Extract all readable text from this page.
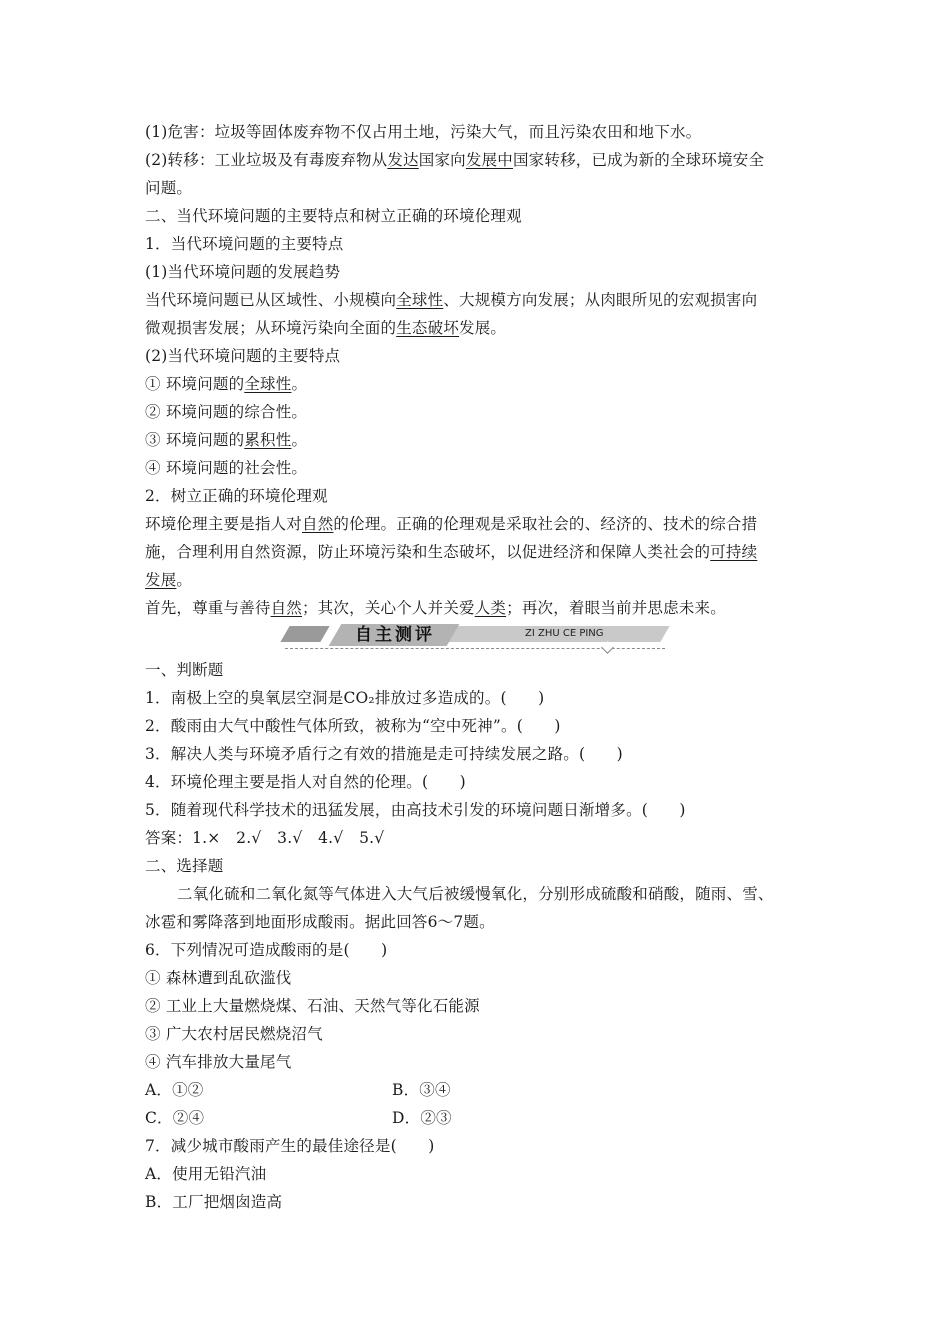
(1)危害：垃圾等固体废弃物不仅占用土地，污染大气，而且污染农田和地下水。
(2)转移：工业垃圾及有毒废弃物从发达国家向发展中国家转移，已成为新的全球环境安全
问题。
二、当代环境问题的主要特点和树立正确的环境伦理观
1．当代环境问题的主要特点
(1)当代环境问题的发展趋势
当代环境问题已从区域性、小规模向全球性、大规模方向发展；从肉眼所见的宏观损害向
微观损害发展；从环境污染向全面的生态破坏发展。
(2)当代环境问题的主要特点
① 环境问题的全球性。
② 环境问题的综合性。
③ 环境问题的累积性。
④ 环境问题的社会性。
2．树立正确的环境伦理观
环境伦理主要是指人对自然的伦理。正确的伦理观是采取社会的、经济的、技术的综合措
施，合理利用自然资源，防止环境污染和生态破坏，以促进经济和保障人类社会的可持续
发展。
首先，尊重与善待自然；其次，关心个人并关爱人类；再次，着眼当前并思虑未来。
自主测评	ZI ZHU CE PING
一、判断题
1．南极上空的臭氧层空洞是CO₂排放过多造成的。(　　)
2．酸雨由大气中酸性气体所致，被称为“空中死神”。(　　)
3．解决人类与环境矛盾行之有效的措施是走可持续发展之路。(　　)
4．环境伦理主要是指人对自然的伦理。(　　)
5．随着现代科学技术的迅猛发展，由高技术引发的环境问题日渐增多。(　　)
答案：1.×　2.√　3.√　4.√　5.√
二、选择题
二氧化硫和二氧化氮等气体进入大气后被缓慢氧化，分别形成硫酸和硝酸，随雨、雪、
冰雹和雾降落到地面形成酸雨。据此回答6～7题。
6．下列情况可造成酸雨的是(　　)
① 森林遭到乱砍滥伐
② 工业上大量燃烧煤、石油、天然气等化石能源
③ 广大农村居民燃烧沼气
④ 汽车排放大量尾气
A．①②	B．③④
C．②④	D．②③
7．减少城市酸雨产生的最佳途径是(　　)
A．使用无铅汽油
B．工厂把烟囱造高
